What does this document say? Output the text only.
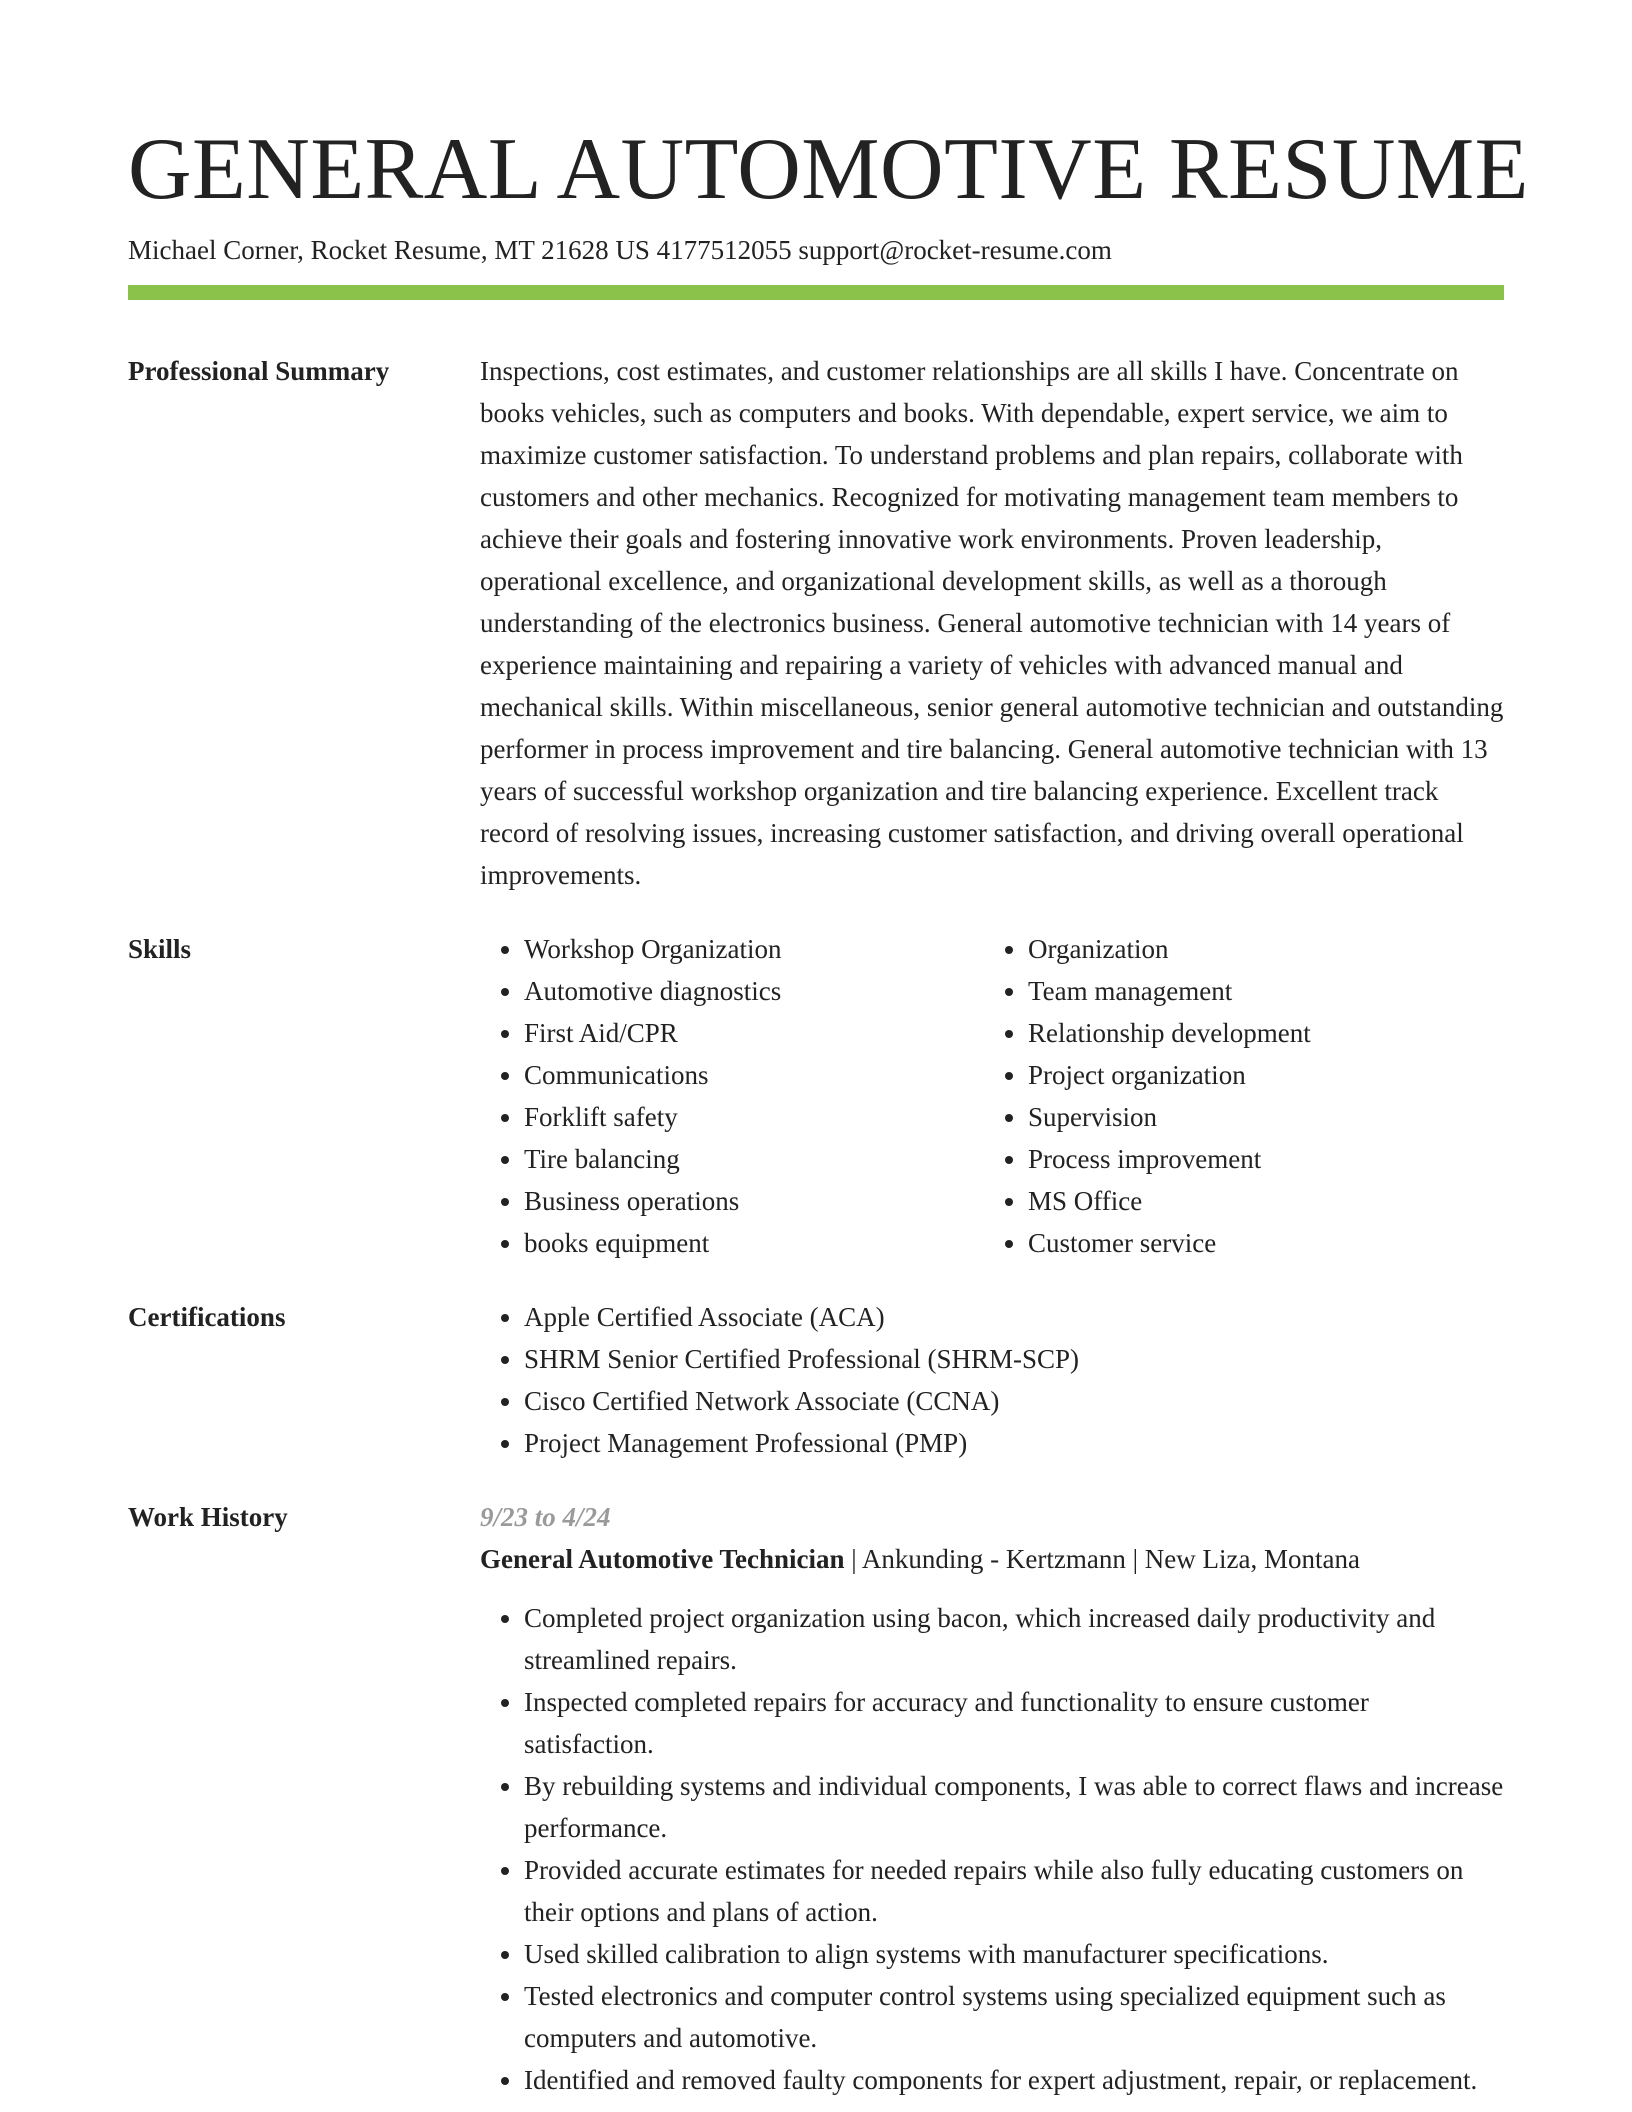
GENERAL AUTOMOTIVE RESUME
Michael Corner, Rocket Resume, MT 21628 US 4177512055 support@rocket-resume.com
Professional Summary	Inspections, cost estimates, and customer relationships are all skills I have. Concentrate on books vehicles, such as computers and books. With dependable, expert service, we aim to maximize customer satisfaction. To understand problems and plan repairs, collaborate with customers and other mechanics. Recognized for motivating management team members to achieve their goals and fostering innovative work environments. Proven leadership, operational excellence, and organizational development skills, as well as a thorough understanding of the electronics business. General automotive technician with 14 years of experience maintaining and repairing a variety of vehicles with advanced manual and mechanical skills. Within miscellaneous, senior general automotive technician and outstanding performer in process improvement and tire balancing. General automotive technician with 13 years of successful workshop organization and tire balancing experience. Excellent track record of resolving issues, increasing customer satisfaction, and driving overall operational improvements.

Skills	• Workshop Organization
• Automotive diagnostics
• First Aid/CPR
• Communications
• Forklift safety
• Tire balancing
• Business operations
• books equipment
• Organization
• Team management
• Relationship development
• Project organization
• Supervision
• Process improvement
• MS Office
• Customer service
Certifications	• Apple Certified Associate (ACA)
• SHRM Senior Certified Professional (SHRM-SCP)
• Cisco Certified Network Associate (CCNA)
• Project Management Professional (PMP)
Work History	9/23 to 4/24
General Automotive Technician | Ankunding - Kertzmann | New Liza, Montana
• Completed project organization using bacon, which increased daily productivity and streamlined repairs.
• Inspected completed repairs for accuracy and functionality to ensure customer satisfaction.
• By rebuilding systems and individual components, I was able to correct flaws and increase performance.
• Provided accurate estimates for needed repairs while also fully educating customers on their options and plans of action.
• Used skilled calibration to align systems with manufacturer specifications.
• Tested electronics and computer control systems using specialized equipment such as computers and automotive.
• Identified and removed faulty components for expert adjustment, repair, or replacement.
